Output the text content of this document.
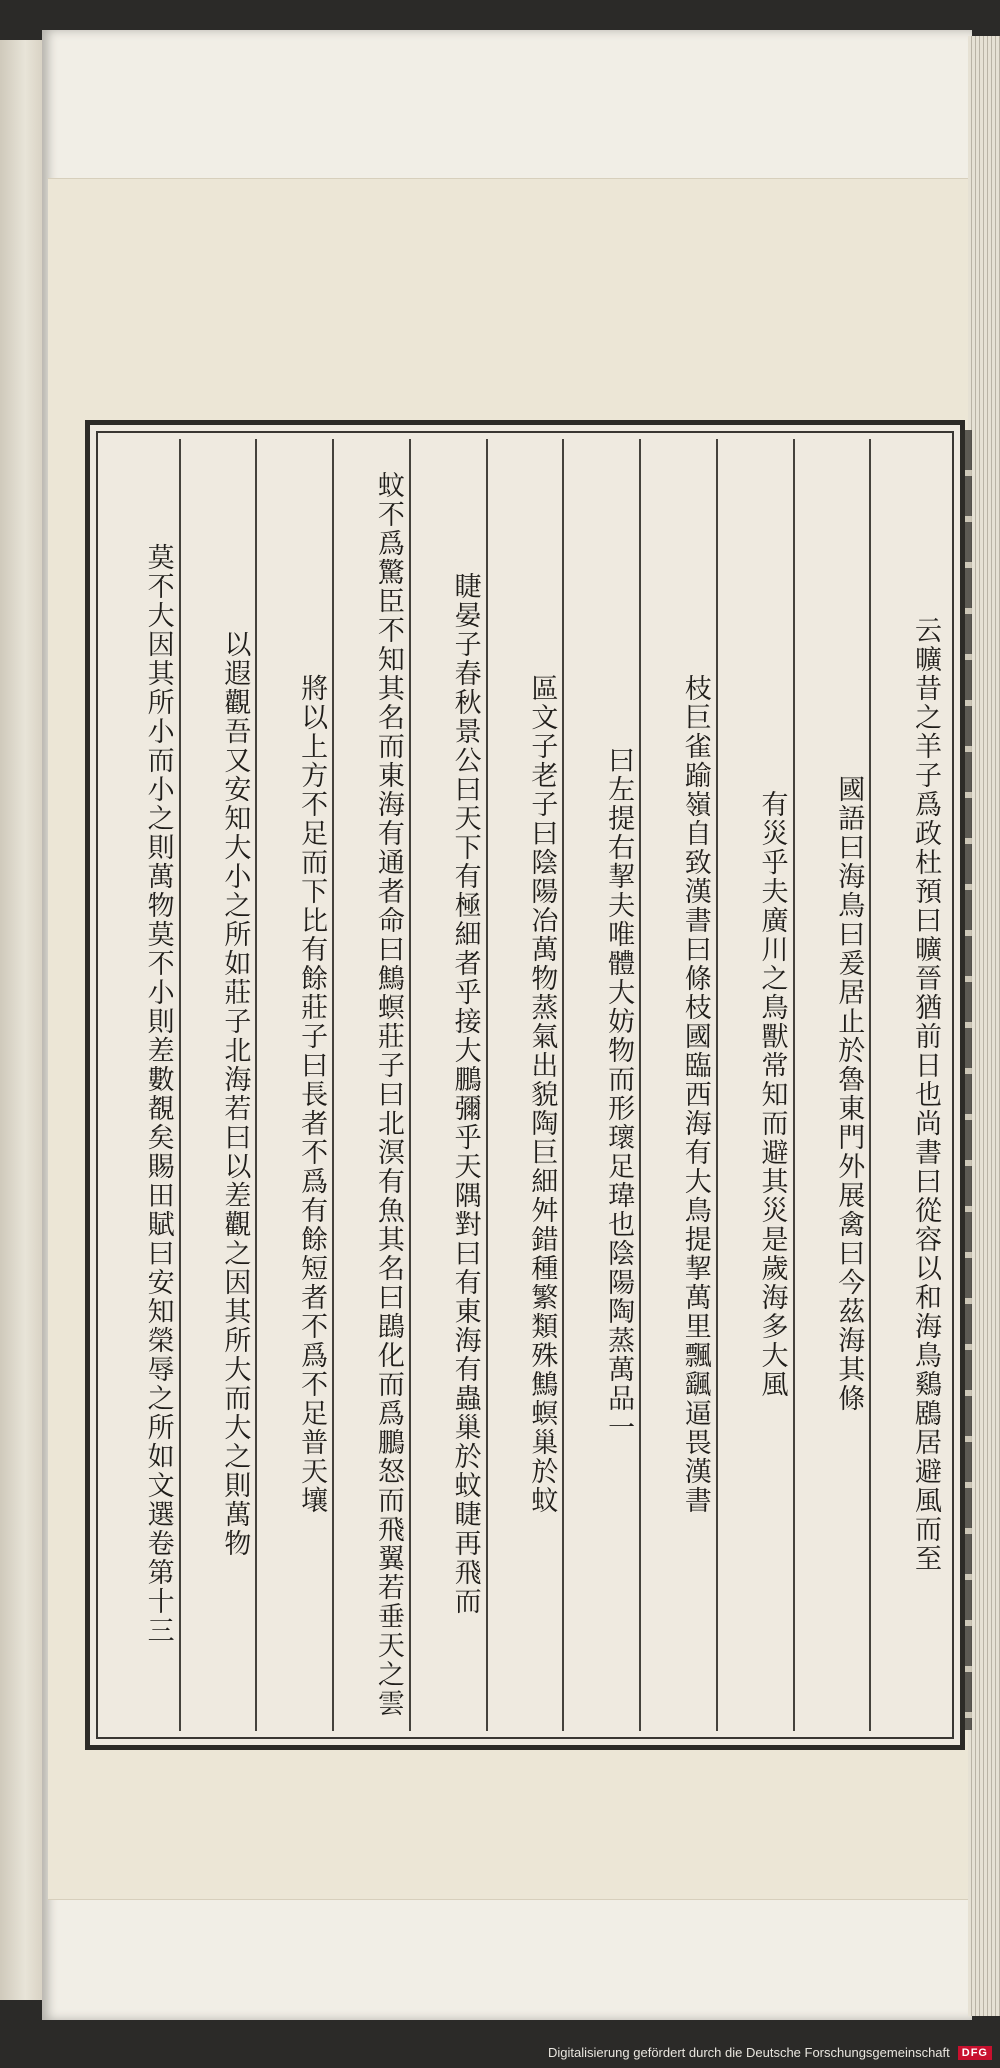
云曠昔之羊子爲政杜預曰曠晉猶前日也尚書曰從容以和海鳥鷄鶋居避風而至
國語曰海鳥曰爰居止於魯東門外展禽曰今茲海其條
有災乎夫廣川之鳥獸常知而避其災是歲海多大風
枝巨雀踰嶺自致漢書曰條枝國臨西海有大鳥提挈萬里飄颻逼畏漢書
曰左提右挈夫唯體大妨物而形瓌足瑋也陰陽陶蒸萬品一
區文子老子曰陰陽冶萬物蒸氣出貌陶巨細舛錯種繁類殊鷦螟巢於蚊
睫晏子春秋景公曰天下有極細者乎接大鵬彌乎天隅對曰有東海有蟲巢於蚊睫再飛而
蚊不爲驚臣不知其名而東海有通者命曰鷦螟莊子曰北溟有魚其名曰鵾化而爲鵬怒而飛翼若垂天之雲
將以上方不足而下比有餘莊子曰長者不爲有餘短者不爲不足普天壤
以遐觀吾又安知大小之所如莊子北海若曰以差觀之因其所大而大之則萬物
莫不大因其所小而小之則萬物莫不小則差數覩矣賜田賦曰安知榮辱之所如文選卷第十三
Digitalisierung gefördert durch die Deutsche Forschungsgemeinschaft	DFG
